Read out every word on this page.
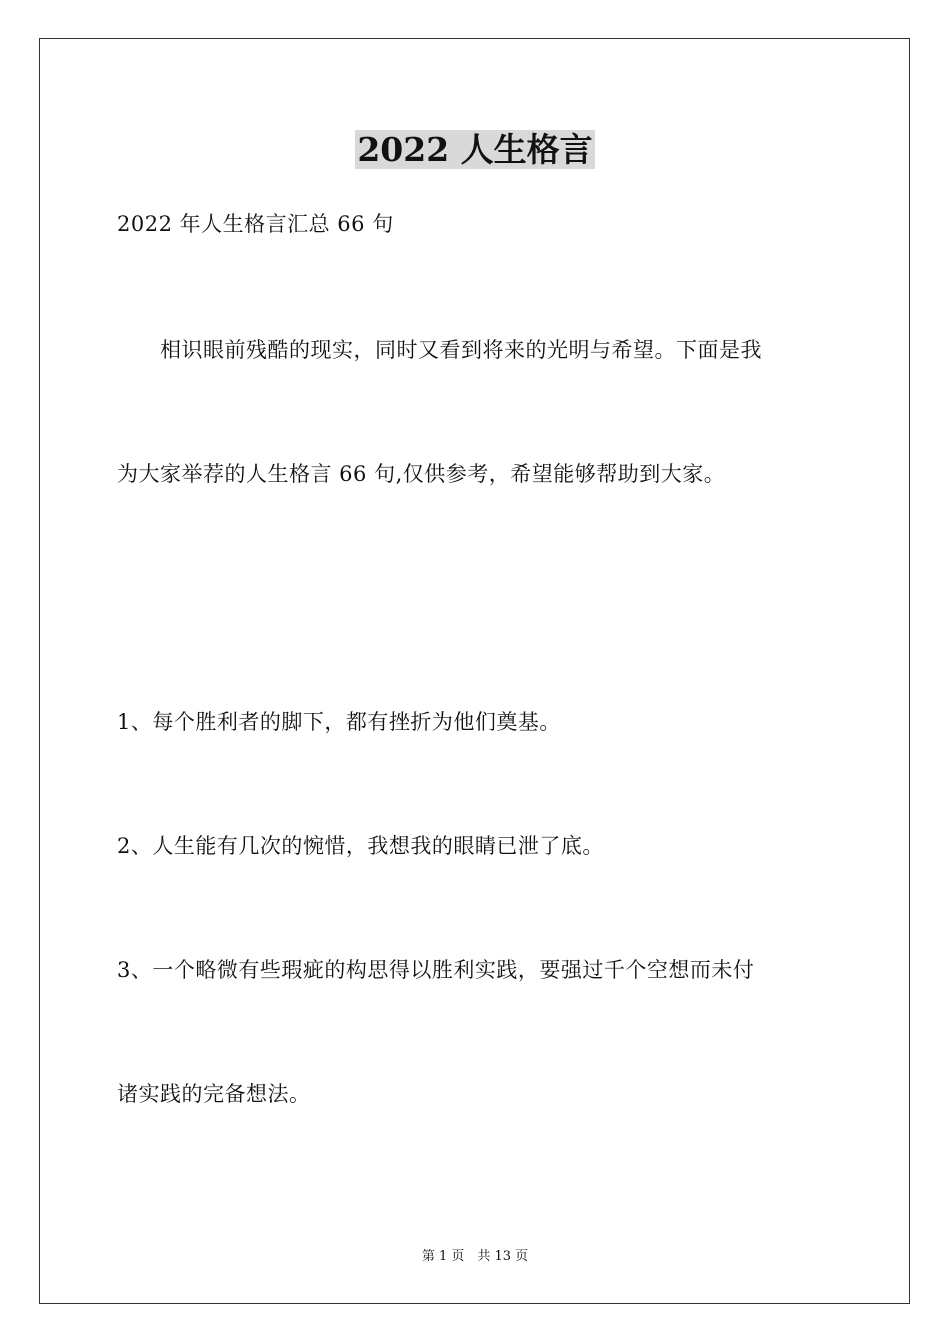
2022 人生格言
2022 年人生格言汇总 66 句
　　相识眼前残酷的现实，同时又看到将来的光明与希望。下面是我
为大家举荐的人生格言 66 句,仅供参考，希望能够帮助到大家。
1、每个胜利者的脚下，都有挫折为他们奠基。
2、人生能有几次的惋惜，我想我的眼睛已泄了底。
3、一个略微有些瑕疵的构思得以胜利实践，要强过千个空想而未付
诸实践的完备想法。
第 1 页　共 13 页
